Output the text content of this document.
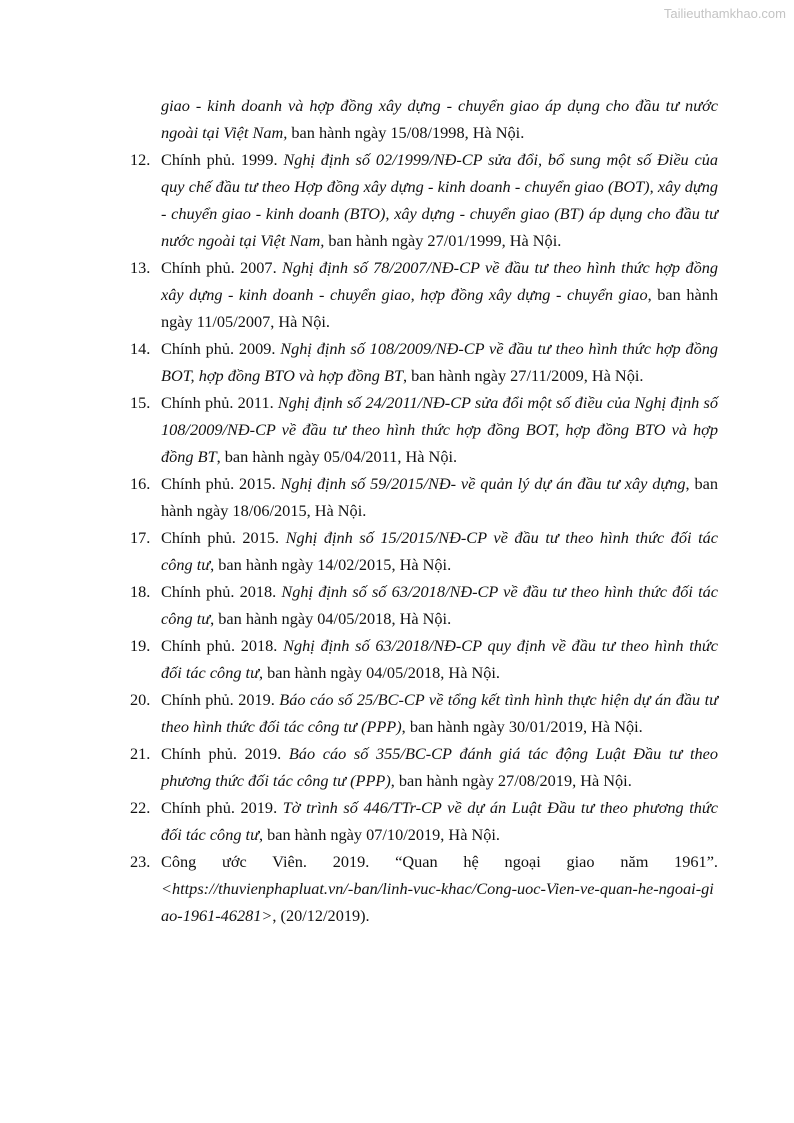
Tailieuthamkhao.com
giao - kinh doanh và hợp đồng xây dựng - chuyển giao áp dụng cho đầu tư nước ngoài tại Việt Nam, ban hành ngày 15/08/1998, Hà Nội.
12. Chính phủ. 1999. Nghị định số 02/1999/NĐ-CP sửa đổi, bổ sung một số Điều của quy chế đầu tư theo Hợp đồng xây dựng - kinh doanh - chuyển giao (BOT), xây dựng - chuyển giao - kinh doanh (BTO), xây dựng - chuyển giao (BT) áp dụng cho đầu tư nước ngoài tại Việt Nam, ban hành ngày 27/01/1999, Hà Nội.
13. Chính phủ. 2007. Nghị định số 78/2007/NĐ-CP về đầu tư theo hình thức hợp đồng xây dựng - kinh doanh - chuyển giao, hợp đồng xây dựng - chuyển giao, ban hành ngày 11/05/2007, Hà Nội.
14. Chính phủ. 2009. Nghị định số 108/2009/NĐ-CP về đầu tư theo hình thức hợp đồng BOT, hợp đồng BTO và hợp đồng BT, ban hành ngày 27/11/2009, Hà Nội.
15. Chính phủ. 2011. Nghị định số 24/2011/NĐ-CP sửa đổi một số điều của Nghị định số 108/2009/NĐ-CP về đầu tư theo hình thức hợp đồng BOT, hợp đồng BTO và hợp đồng BT, ban hành ngày 05/04/2011, Hà Nội.
16. Chính phủ. 2015. Nghị định số 59/2015/NĐ- về quản lý dự án đầu tư xây dựng, ban hành ngày 18/06/2015, Hà Nội.
17. Chính phủ. 2015. Nghị định số 15/2015/NĐ-CP về đầu tư theo hình thức đối tác công tư, ban hành ngày 14/02/2015, Hà Nội.
18. Chính phủ. 2018. Nghị định số số 63/2018/NĐ-CP về đầu tư theo hình thức đối tác công tư, ban hành ngày 04/05/2018, Hà Nội.
19. Chính phủ. 2018. Nghị định số 63/2018/NĐ-CP quy định về đầu tư theo hình thức đối tác công tư, ban hành ngày 04/05/2018, Hà Nội.
20. Chính phủ. 2019. Báo cáo số 25/BC-CP về tổng kết tình hình thực hiện dự án đầu tư theo hình thức đối tác công tư (PPP), ban hành ngày 30/01/2019, Hà Nội.
21. Chính phủ. 2019. Báo cáo số 355/BC-CP đánh giá tác động Luật Đầu tư theo phương thức đối tác công tư (PPP), ban hành ngày 27/08/2019, Hà Nội.
22. Chính phủ. 2019. Tờ trình số 446/TTr-CP về dự án Luật Đầu tư theo phương thức đối tác công tư, ban hành ngày 07/10/2019, Hà Nội.
23. Công ước Viên. 2019. “Quan hệ ngoại giao năm 1961”.
<https://thuvienphapluat.vn/-ban/linh-vuc-khac/Cong-uoc-Vien-ve-quan-he-ngoai-giao-1961-46281>, (20/12/2019).
